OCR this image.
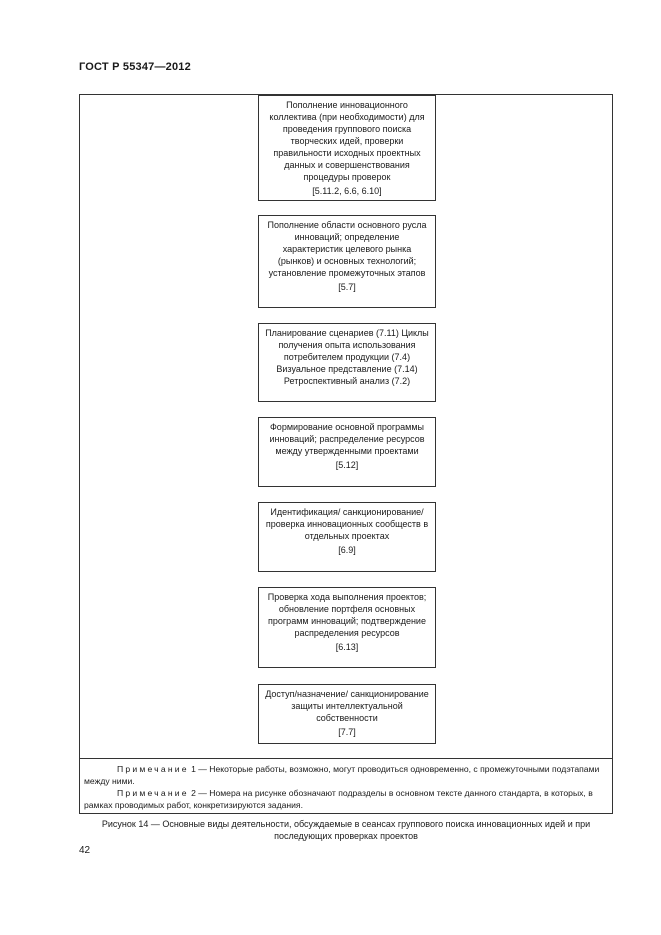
ГОСТ Р 55347—2012
Пополнение инновационного коллектива (при необходимости) для проведения группового поиска творческих идей, проверки правильности исходных проектных данных и совершенствования процедуры проверок
[5.11.2, 6.6, 6.10]
Пополнение области основного русла инноваций; определение характеристик целевого рынка (рынков) и основных технологий; установление промежуточных этапов
[5.7]
Планирование сценариев (7.11) Циклы получения опыта использования потребителем продукции (7.4) Визуальное представление (7.14) Ретроспективный анализ (7.2)
Формирование основной программы инноваций; распределение ресурсов между утвержденными проектами
[5.12]
Идентификация/ санкционирование/ проверка инновационных сообществ в отдельных проектах
[6.9]
Проверка хода выполнения проектов; обновление портфеля основных программ инноваций; подтверждение распределения ресурсов
[6.13]
Доступ/назначение/ санкционирование защиты интеллектуальной собственности
[7.7]

Примечание 1 — Некоторые работы, возможно, могут проводиться одновременно, с промежуточными подэтапами между ними.

Примечание 2 — Номера на рисунке обозначают подразделы в основном тексте данного стандарта, в которых, в рамках проводимых работ, конкретизируются задания.

Рисунок 14 — Основные виды деятельности, обсуждаемые в сеансах группового поиска инновационных идей и при последующих проверках проектов
42
